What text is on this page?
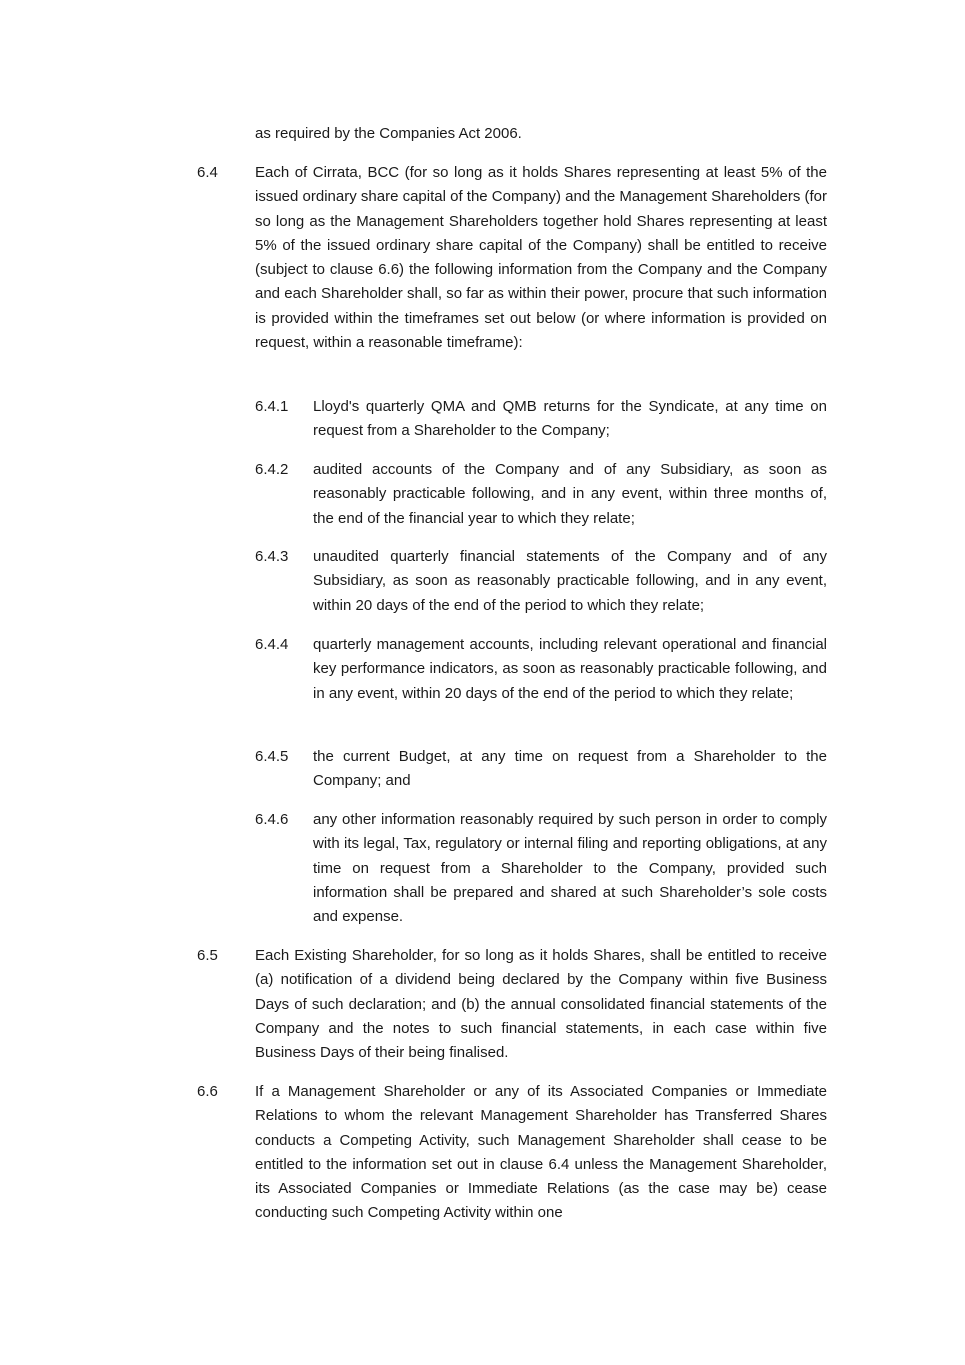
as required by the Companies Act 2006.

6.4 Each of Cirrata, BCC (for so long as it holds Shares representing at least 5% of the issued ordinary share capital of the Company) and the Management Shareholders (for so long as the Management Shareholders together hold Shares representing at least 5% of the issued ordinary share capital of the Company) shall be entitled to receive (subject to clause 6.6) the following information from the Company and the Company and each Shareholder shall, so far as within their power, procure that such information is provided within the timeframes set out below (or where information is provided on request, within a reasonable timeframe):

6.4.1 Lloyd's quarterly QMA and QMB returns for the Syndicate, at any time on request from a Shareholder to the Company;

6.4.2 audited accounts of the Company and of any Subsidiary, as soon as reasonably practicable following, and in any event, within three months of, the end of the financial year to which they relate;

6.4.3 unaudited quarterly financial statements of the Company and of any Subsidiary, as soon as reasonably practicable following, and in any event, within 20 days of the end of the period to which they relate;

6.4.4 quarterly management accounts, including relevant operational and financial key performance indicators, as soon as reasonably practicable following, and in any event, within 20 days of the end of the period to which they relate;

6.4.5 the current Budget, at any time on request from a Shareholder to the Company; and

6.4.6 any other information reasonably required by such person in order to comply with its legal, Tax, regulatory or internal filing and reporting obligations, at any time on request from a Shareholder to the Company, provided such information shall be prepared and shared at such Shareholder’s sole costs and expense.

6.5 Each Existing Shareholder, for so long as it holds Shares, shall be entitled to receive (a) notification of a dividend being declared by the Company within five Business Days of such declaration; and (b) the annual consolidated financial statements of the Company and the notes to such financial statements, in each case within five Business Days of their being finalised.

6.6 If a Management Shareholder or any of its Associated Companies or Immediate Relations to whom the relevant Management Shareholder has Transferred Shares conducts a Competing Activity, such Management Shareholder shall cease to be entitled to the information set out in clause 6.4 unless the Management Shareholder, its Associated Companies or Immediate Relations (as the case may be) cease conducting such Competing Activity within one
